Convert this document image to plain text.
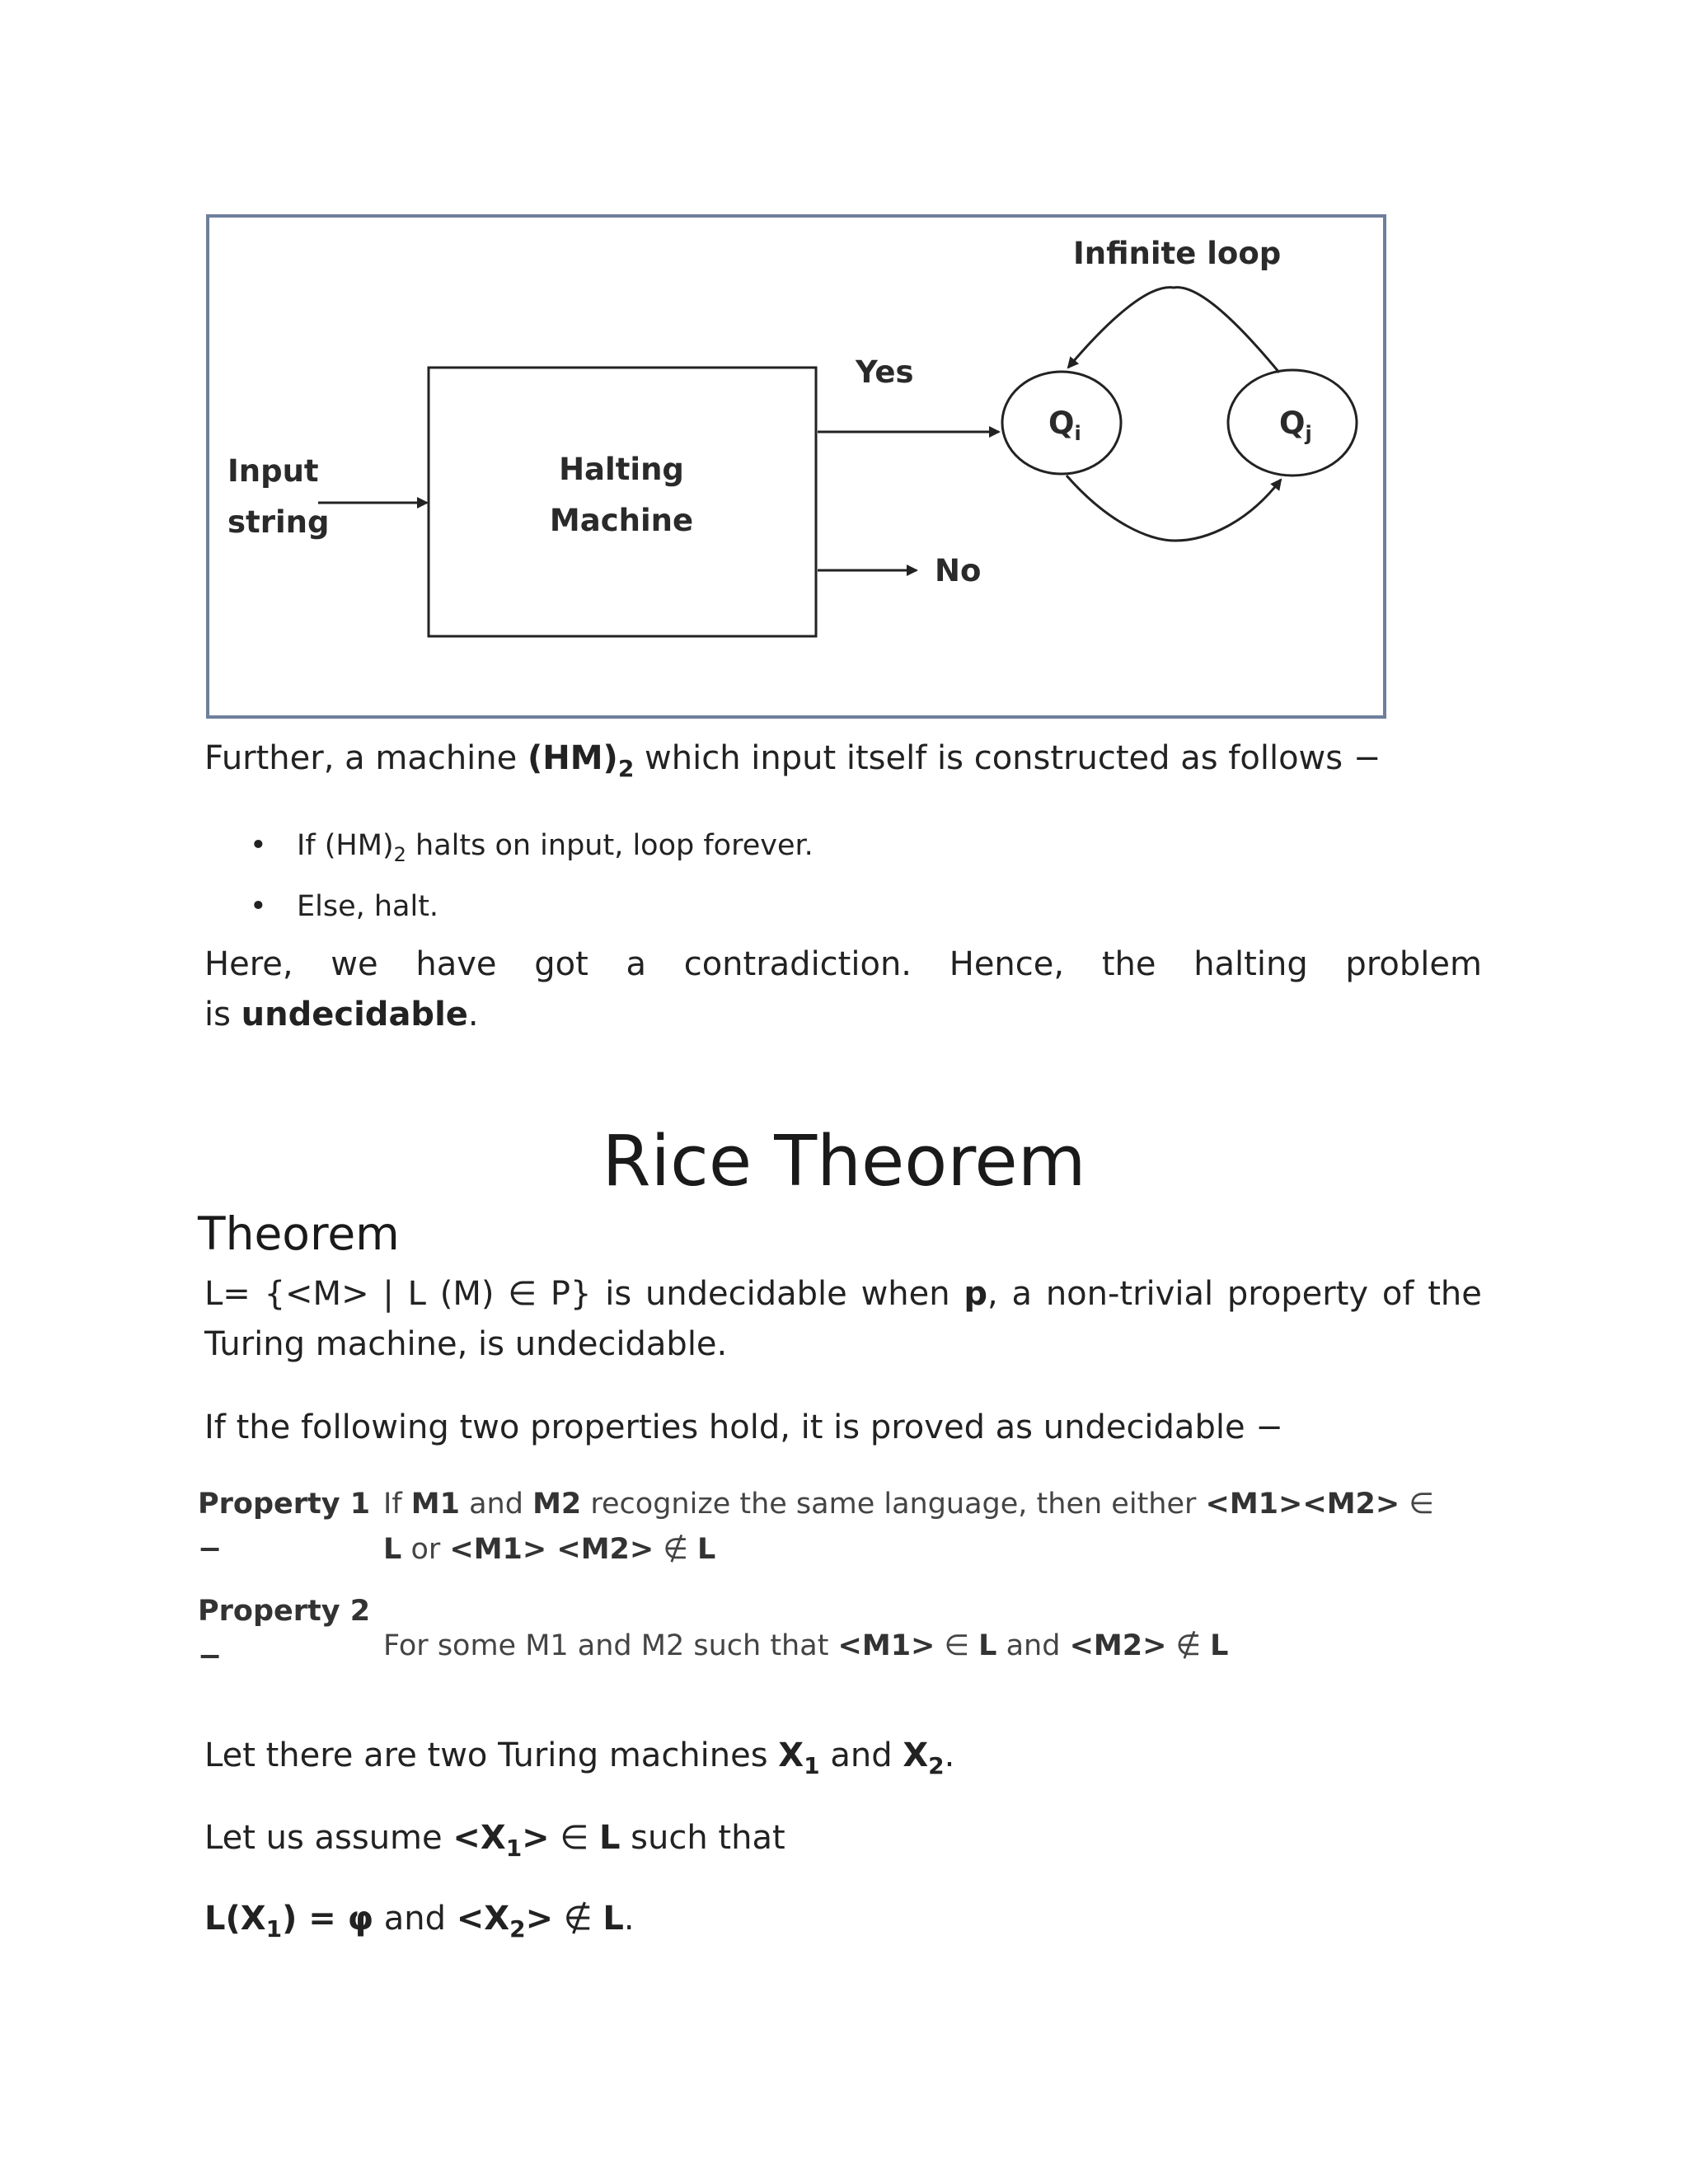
Halting
Machine
Input
string
Yes
No
$Q_i$	$Q_j$
Infinite loop

Further, a machine $(HM)_2$ which input itself is constructed as follows −

• If $(HM)_2$ halts on input, loop forever.
• Else, halt.
Here, we have got a contradiction. Hence, the halting problem
is undecidable.
Rice Theorem
Theorem
L= {<M> | L (M) ∈ P} is undecidable when p, a non-trivial property of the
Turing machine, is undecidable.

If the following two properties hold, it is proved as undecidable −

Property 1
−
If M1 and M2 recognize the same language, then either <M1><M2> ∈
L or <M1> <M2> ∉ L
Property 2
−	For some M1 and M2 such that <M1> ∈ L and <M2> ∉ L

Let there are two Turing machines $X_1$ and $X_2$.

Let us assume $<X_1>$ ∈ L such that

$L(X_1) = \varphi$ and $<X_2>$ ∉ L.
